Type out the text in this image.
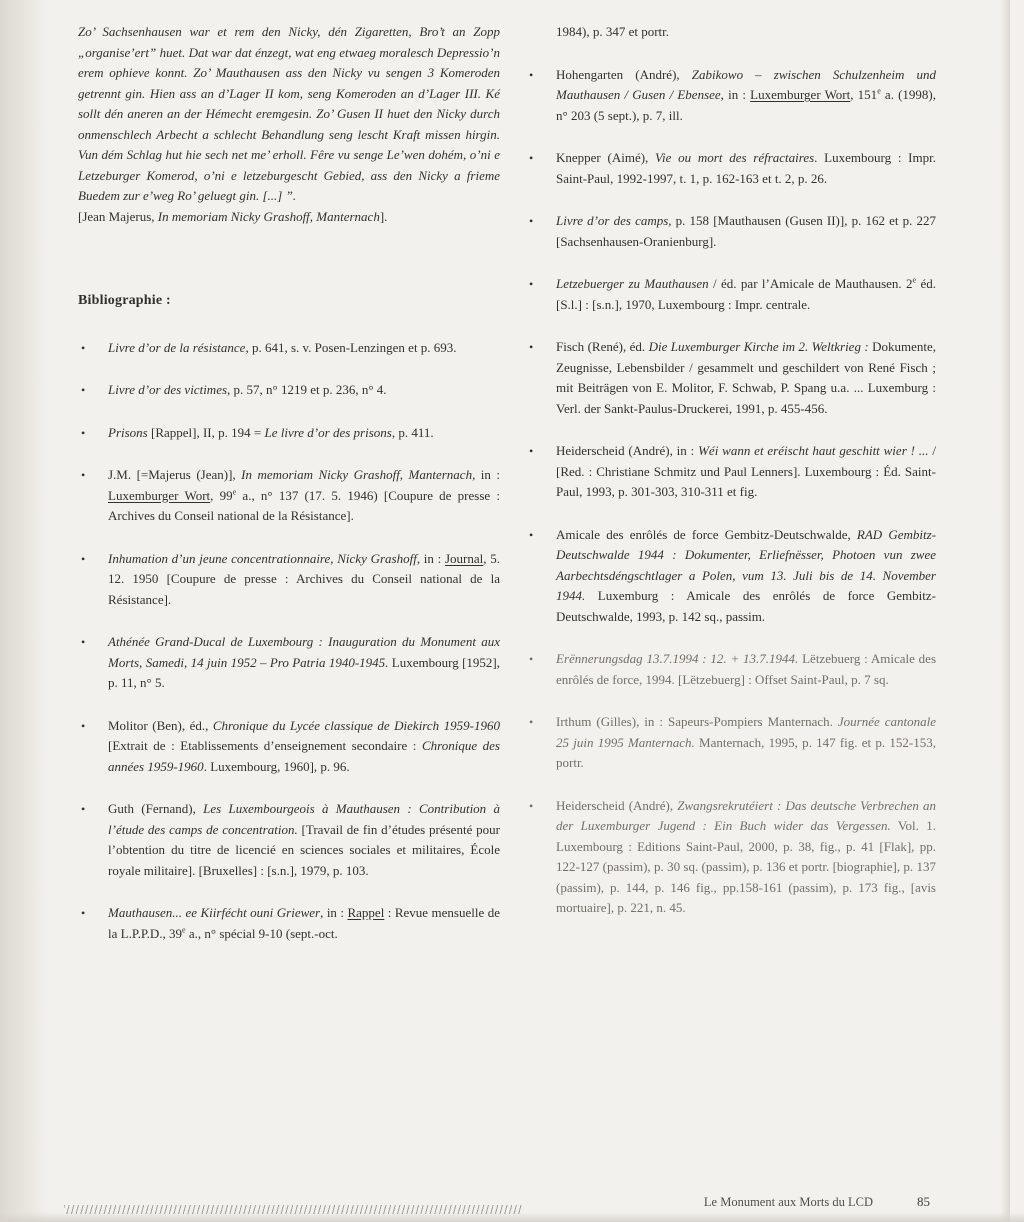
Zo’ Sachsenhausen war et rem den Nicky, dén Zigaretten, Bro’t an Zopp „organise’ert” huet. Dat war dat énzegt, wat eng etwaeg moralesch Depressio’n erem ophieve konnt. Zo’ Mauthausen ass den Nicky vu sengen 3 Komeroden getrennt gin. Hien ass an d’Lager II kom, seng Komeroden an d’Lager III. Ké sollt dén aneren an der Hémecht eremgesin. Zo’ Gusen II huet den Nicky durch onmenschlech Arbecht a schlecht Behandlung seng lescht Kraft missen hirgin. Vun dém Schlag hut hie sech net me’ erholl. Fêre vu senge Le’wen dohém, o’ni e Letzeburger Komerod, o’ni e letzeburgescht Gebied, ass den Nicky a frieme Buedem zur e’weg Ro’ geluegt gin. [...] ”.

[Jean Majerus, In memoriam Nicky Grashoff, Manternach].

Bibliographie :
• Livre d’or de la résistance, p. 641, s. v. Posen-Lenzingen et p. 693.
• Livre d’or des victimes, p. 57, n° 1219 et p. 236, n° 4.
• Prisons [Rappel], II, p. 194 = Le livre d’or des prisons, p. 411.
• J.M. [=Majerus (Jean)], In memoriam Nicky Grashoff, Manternach, in : Luxemburger Wort, 99e a., n° 137 (17. 5. 1946) [Coupure de presse : Archives du Conseil national de la Résistance].
• Inhumation d’un jeune concentrationnaire, Nicky Grashoff, in : Journal, 5. 12. 1950 [Coupure de presse : Archives du Conseil national de la Résistance].
• Athénée Grand-Ducal de Luxembourg : Inauguration du Monument aux Morts, Samedi, 14 juin 1952 – Pro Patria 1940-1945. Luxembourg [1952], p. 11, n° 5.
• Molitor (Ben), éd., Chronique du Lycée classique de Diekirch 1959-1960 [Extrait de : Etablissements d’enseignement secondaire : Chronique des années 1959-1960. Luxembourg, 1960], p. 96.
• Guth (Fernand), Les Luxembourgeois à Mauthausen : Contribution à l’étude des camps de concentration. [Travail de fin d’études présenté pour l’obtention du titre de licencié en sciences sociales et militaires, École royale militaire]. [Bruxelles] : [s.n.], 1979, p. 103.
• Mauthausen... ee Kiirfécht ouni Griewer, in : Rappel : Revue mensuelle de la L.P.P.D., 39e a., n° spécial 9-10 (sept.-oct.
1984), p. 347 et portr.
• Hohengarten (André), Zabikowo – zwischen Schulzenheim und Mauthausen / Gusen / Ebensee, in : Luxemburger Wort, 151e a. (1998), n° 203 (5 sept.), p. 7, ill.
• Knepper (Aimé), Vie ou mort des réfractaires. Luxembourg : Impr. Saint-Paul, 1992-1997, t. 1, p. 162-163 et t. 2, p. 26.
• Livre d’or des camps, p. 158 [Mauthausen (Gusen II)], p. 162 et p. 227 [Sachsenhausen-Oranienburg].
• Letzebuerger zu Mauthausen / éd. par l’Amicale de Mauthausen. 2e éd. [S.l.] : [s.n.], 1970, Luxembourg : Impr. centrale.
• Fisch (René), éd. Die Luxemburger Kirche im 2. Weltkrieg : Dokumente, Zeugnisse, Lebensbilder / gesammelt und geschildert von René Fisch ; mit Beiträgen von E. Molitor, F. Schwab, P. Spang u.a. ... Luxemburg : Verl. der Sankt-Paulus-Druckerei, 1991, p. 455-456.
• Heiderscheid (André), in : Wéi wann et eréischt haut geschitt wier ! ... / [Red. : Christiane Schmitz und Paul Lenners]. Luxembourg : Éd. Saint-Paul, 1993, p. 301-303, 310-311 et fig.
• Amicale des enrôlés de force Gembitz-Deutschwalde, RAD Gembitz-Deutschwalde 1944 : Dokumenter, Erliefnësser, Photoen vun zwee Aarbechtsdéngschtlager a Polen, vum 13. Juli bis de 14. November 1944. Luxemburg : Amicale des enrôlés de force Gembitz-Deutschwalde, 1993, p. 142 sq., passim.
• Erënnerungsdag 13.7.1994 : 12. + 13.7.1944. Lëtzebuerg : Amicale des enrôlés de force, 1994. [Lëtzebuerg] : Offset Saint-Paul, p. 7 sq.
• Irthum (Gilles), in : Sapeurs-Pompiers Manternach. Journée cantonale 25 juin 1995 Manternach. Manternach, 1995, p. 147 fig. et p. 152-153, portr.
• Heiderscheid (André), Zwangsrekrutéiert : Das deutsche Verbrechen an der Luxemburger Jugend : Ein Buch wider das Vergessen. Vol. 1. Luxembourg : Editions Saint-Paul, 2000, p. 38, fig., p. 41 [Flak], pp. 122-127 (passim), p. 30 sq. (passim), p. 136 et portr. [biographie], p. 137 (passim), p. 144, p. 146 fig., pp.158-161 (passim), p. 173 fig., [avis mortuaire], p. 221, n. 45.
Le Monument aux Morts du LCD	85
